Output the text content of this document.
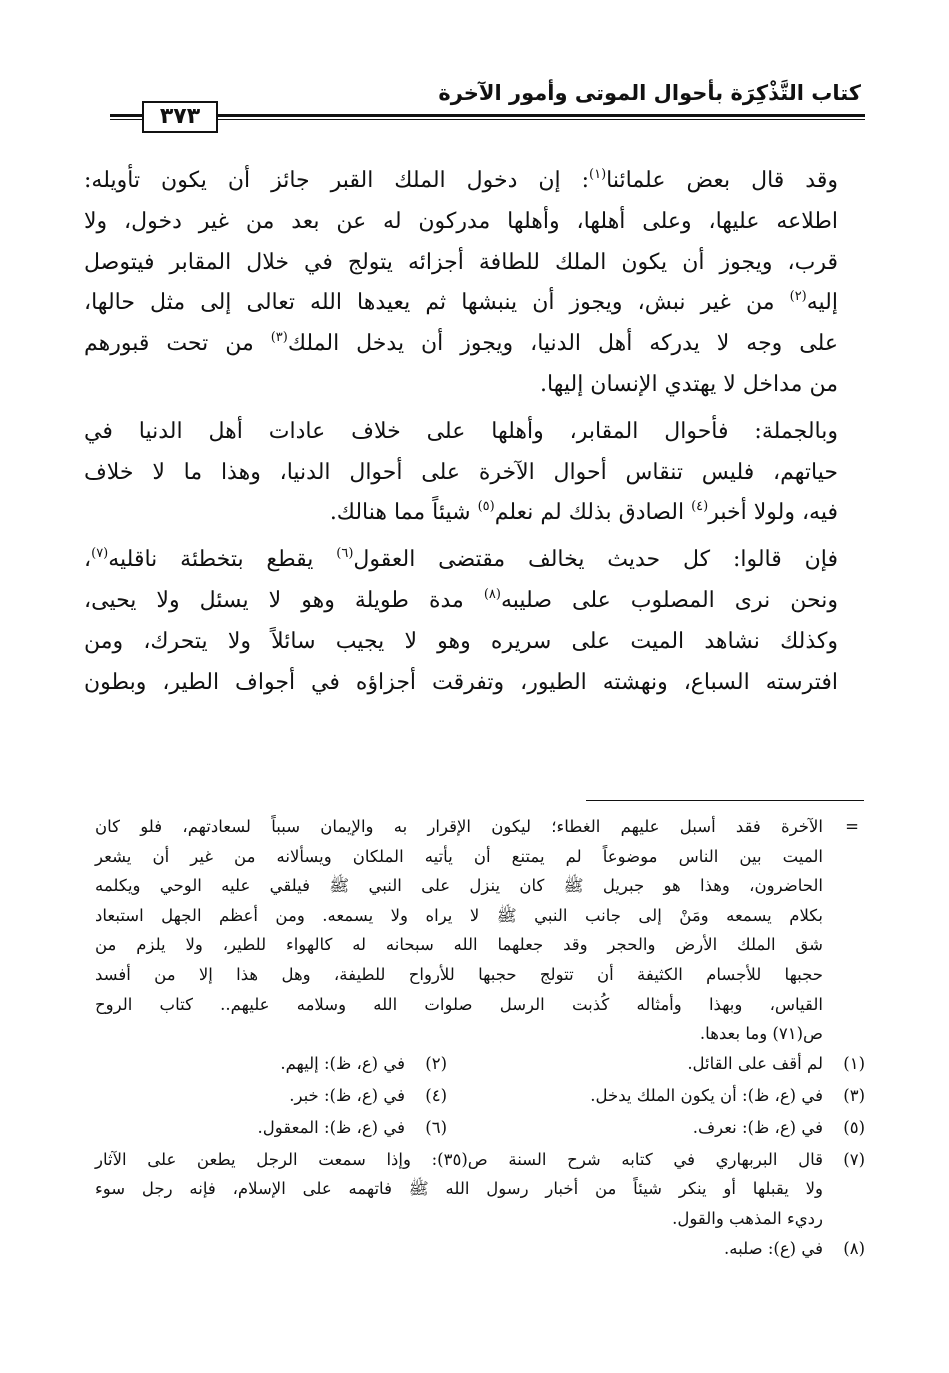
كتاب التَّذْكِرَة بأحوال الموتى وأمور الآخرة
٣٧٣

وقد قال بعض علمائنا$^{(١)}$: إن دخول الملك القبر جائز أن يكون تأويله:
اطلاعه عليها، وعلى أهلها، وأهلها مدركون له عن بعد من غير دخول، ولا
قرب، ويجوز أن يكون الملك للطافة أجزائه يتولج في خلال المقابر فيتوصل
إليه$^{(٢)}$ من غير نبش، ويجوز أن ينبشها ثم يعيدها الله تعالى إلى مثل حالها،
على وجه لا يدركه أهل الدنيا، ويجوز أن يدخل الملك$^{(٣)}$ من تحت قبورهم
من مداخل لا يهتدي الإنسان إليها.

وبالجملة: فأحوال المقابر، وأهلها على خلاف عادات أهل الدنيا في
حياتهم، فليس تنقاس أحوال الآخرة على أحوال الدنيا، وهذا ما لا خلاف
فيه، ولولا أخبر$^{(٤)}$ الصادق بذلك لم نعلم$^{(٥)}$ شيئاً مما هنالك.

فإن قالوا: كل حديث يخالف مقتضى العقول$^{(٦)}$ يقطع بتخطئة ناقليه$^{(٧)}$،
ونحن نرى المصلوب على صليبه$^{(٨)}$ مدة طويلة وهو لا يسئل ولا يحيى،
وكذلك نشاهد الميت على سريره وهو لا يجيب سائلاً ولا يتحرك، ومن
افترسته السباع، ونهشته الطيور، وتفرقت أجزاؤه في أجواف الطير، وبطون

=
الآخرة فقد أسبل عليهم الغطاء؛ ليكون الإقرار به والإيمان سبباً لسعادتهم، فلو كان
الميت بين الناس موضوعاً لم يمتنع أن يأتيه الملكان ويسألانه من غير أن يشعر
الحاضرون، وهذا هو جبريل ﷺ كان ينزل على النبي ﷺ فيلقي عليه الوحي ويكلمه
بكلام يسمعه ومَنْ إلى جانب النبي ﷺ لا يراه ولا يسمعه. ومن أعظم الجهل استبعاد
شق الملك الأرض والحجر وقد جعلهما الله سبحانه له كالهواء للطير، ولا يلزم من
حجبها للأجسام الكثيفة أن تتولج حجبها للأرواح للطيفة، وهل هذا إلا من أفسد
القياس، وبهذا وأمثاله كُذبت الرسل صلوات الله وسلامه عليهم.. كتاب الروح
ص(٧١) وما بعدها.
(١)لم أقف على القائل.
(٢)في (ع، ظ): إليهم.
(٣)في (ع، ظ): أن يكون الملك يدخل.
(٤)في (ع، ظ): خبر.
(٥)في (ع، ظ): نعرف.
(٦)في (ع، ظ): المعقول.
(٧)
قال البربهاري في كتابه شرح السنة ص(٣٥): وإذا سمعت الرجل يطعن على الآثار
ولا يقبلها أو ينكر شيئاً من أخبار رسول الله ﷺ فاتهمه على الإسلام، فإنه رجل سوء
رديء المذهب والقول.
(٨)في (ع): صلبه.
